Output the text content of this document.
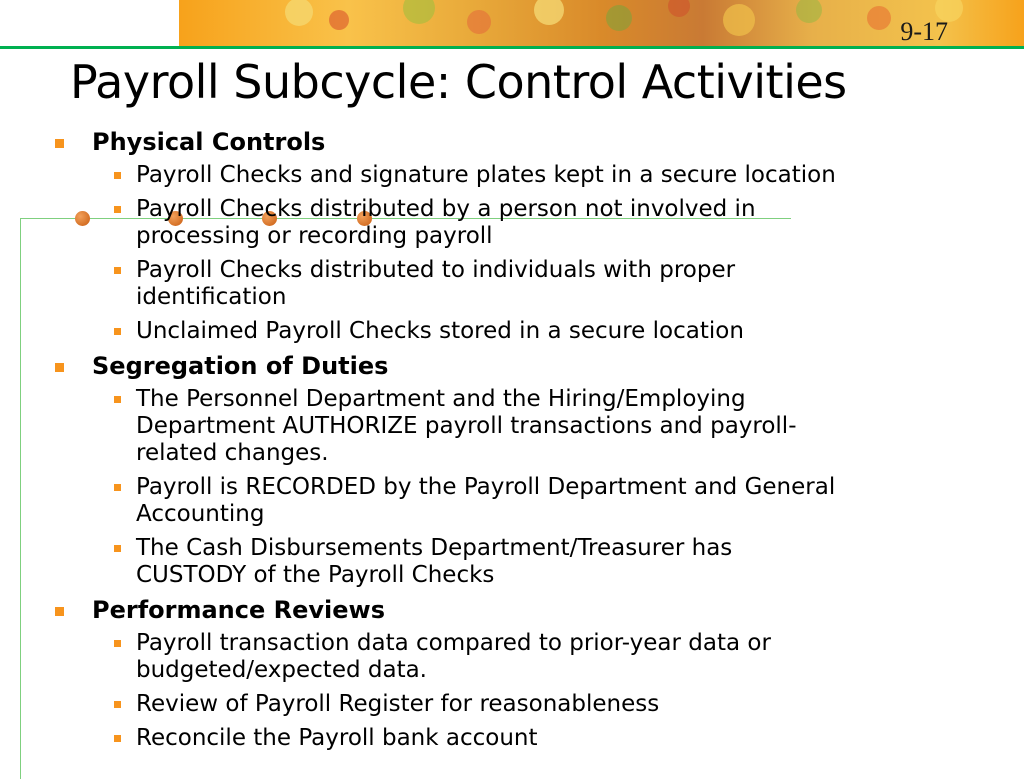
9-17
Payroll Subcycle: Control Activities
Physical Controls
Payroll Checks and signature plates kept in a secure location
Payroll Checks distributed by a person not involved in processing or recording payroll
Payroll Checks distributed to individuals with proper identification
Unclaimed Payroll Checks stored in a secure location
Segregation of Duties
The Personnel Department and the Hiring/Employing Department AUTHORIZE payroll transactions and payroll-related changes.
Payroll is RECORDED by the Payroll Department and General Accounting
The Cash Disbursements Department/Treasurer has CUSTODY of the Payroll Checks
Performance Reviews
Payroll transaction data compared to prior-year data or budgeted/expected data.
Review of Payroll Register for reasonableness
Reconcile the Payroll bank account
